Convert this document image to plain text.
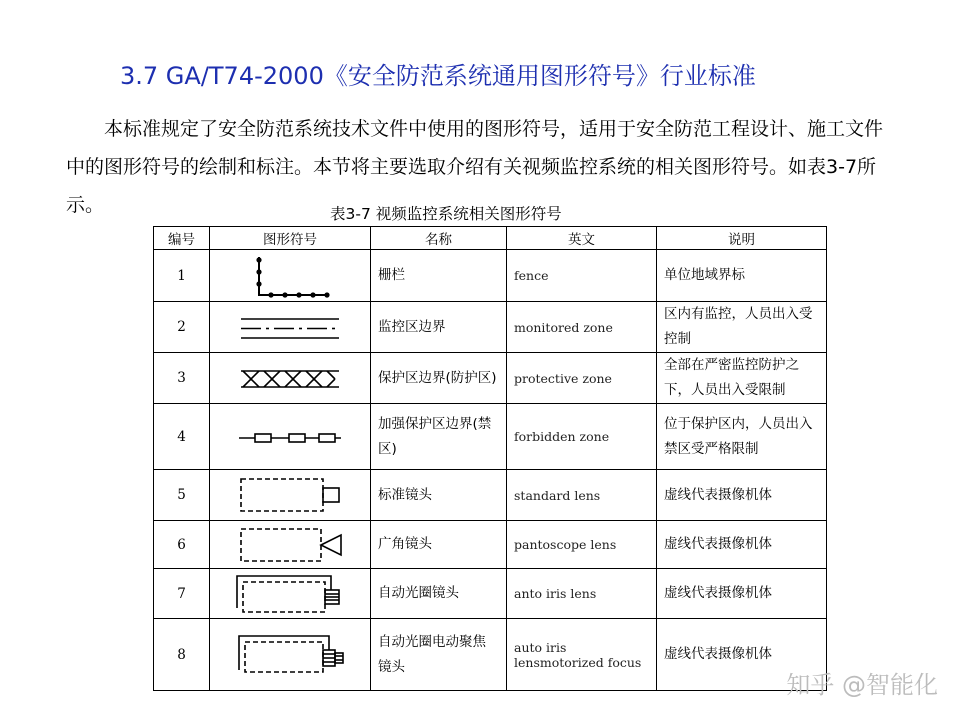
3.7 GA/T74-2000《安全防范系统通用图形符号》行业标准

本标准规定了安全防范系统技术文件中使用的图形符号，适用于安全防范工程设计、施工文件中的图形符号的绘制和标注。本节将主要选取介绍有关视频监控系统的相关图形符号。如表3-7所示。	表3-7 视频监控系统相关图形符号
编号	图形符号	名称	英文	说明
1		栅栏	fence	单位地域界标
2		监控区边界	monitored zone	区内有监控，人员出入受控制
3		保护区边界(防护区)	protective zone	全部在严密监控防护之下，人员出入受限制
4		加强保护区边界(禁区)	forbidden zone	位于保护区内，人员出入禁区受严格限制
5		标准镜头	standard lens	虚线代表摄像机体
6		广角镜头	pantoscope lens	虚线代表摄像机体
7		自动光圈镜头	anto iris lens	虚线代表摄像机体
8		自动光圈电动聚焦镜头	auto iris lensmotorized focus	虚线代表摄像机体
知乎 @智能化
